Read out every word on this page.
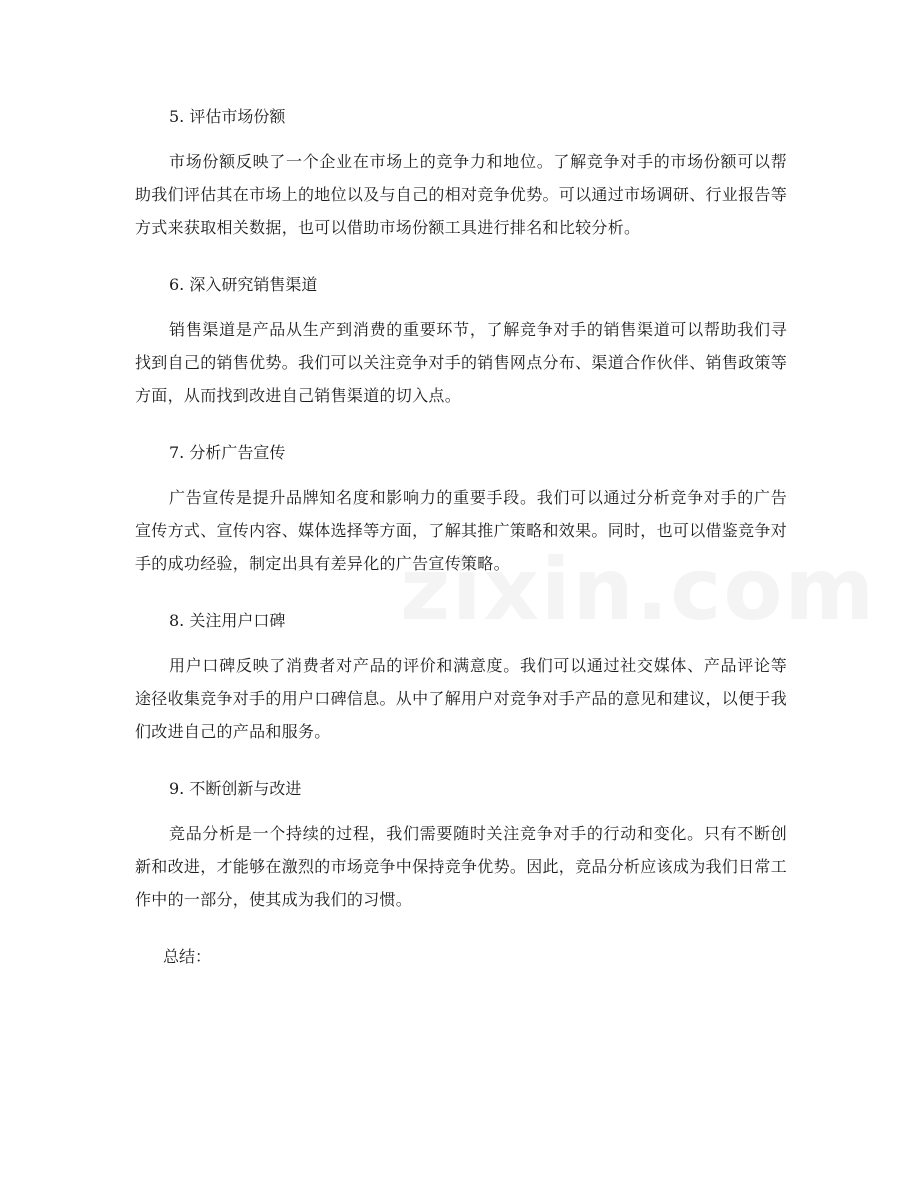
zixin.com

5. 评估市场份额

市场份额反映了一个企业在市场上的竞争力和地位。了解竞争对手的市场份额可以帮助我们评估其在市场上的地位以及与自己的相对竞争优势。可以通过市场调研、行业报告等方式来获取相关数据，也可以借助市场份额工具进行排名和比较分析。

6. 深入研究销售渠道

销售渠道是产品从生产到消费的重要环节，了解竞争对手的销售渠道可以帮助我们寻找到自己的销售优势。我们可以关注竞争对手的销售网点分布、渠道合作伙伴、销售政策等方面，从而找到改进自己销售渠道的切入点。

7. 分析广告宣传

广告宣传是提升品牌知名度和影响力的重要手段。我们可以通过分析竞争对手的广告宣传方式、宣传内容、媒体选择等方面，了解其推广策略和效果。同时，也可以借鉴竞争对手的成功经验，制定出具有差异化的广告宣传策略。

8. 关注用户口碑

用户口碑反映了消费者对产品的评价和满意度。我们可以通过社交媒体、产品评论等途径收集竞争对手的用户口碑信息。从中了解用户对竞争对手产品的意见和建议，以便于我们改进自己的产品和服务。

9. 不断创新与改进

竞品分析是一个持续的过程，我们需要随时关注竞争对手的行动和变化。只有不断创新和改进，才能够在激烈的市场竞争中保持竞争优势。因此，竞品分析应该成为我们日常工作中的一部分，使其成为我们的习惯。

总结：
